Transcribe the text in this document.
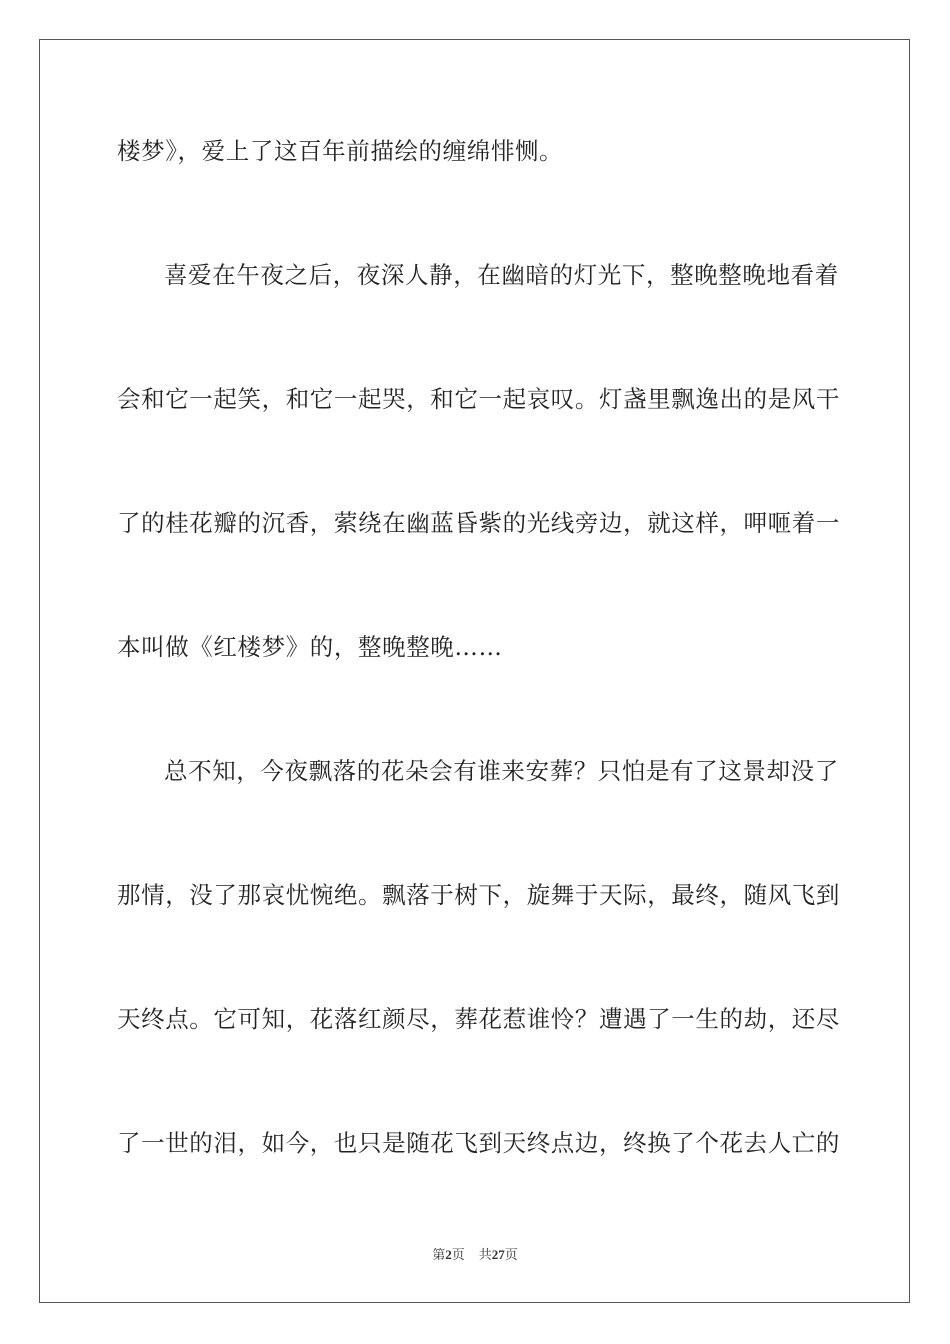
楼梦》，爱上了这百年前描绘的缠绵悱恻。
喜爱在午夜之后，夜深人静，在幽暗的灯光下，整晚整晚地看着
会和它一起笑，和它一起哭，和它一起哀叹。灯盏里飘逸出的是风干
了的桂花瓣的沉香，萦绕在幽蓝昏紫的光线旁边，就这样，呷咂着一
本叫做《红楼梦》的，整晚整晚……
总不知，今夜飘落的花朵会有谁来安葬？只怕是有了这景却没了
那情，没了那哀忧惋绝。飘落于树下，旋舞于天际，最终，随风飞到
天终点。它可知，花落红颜尽，葬花惹谁怜？遭遇了一生的劫，还尽
了一世的泪，如今，也只是随花飞到天终点边，终换了个花去人亡的
第2页 共27页
